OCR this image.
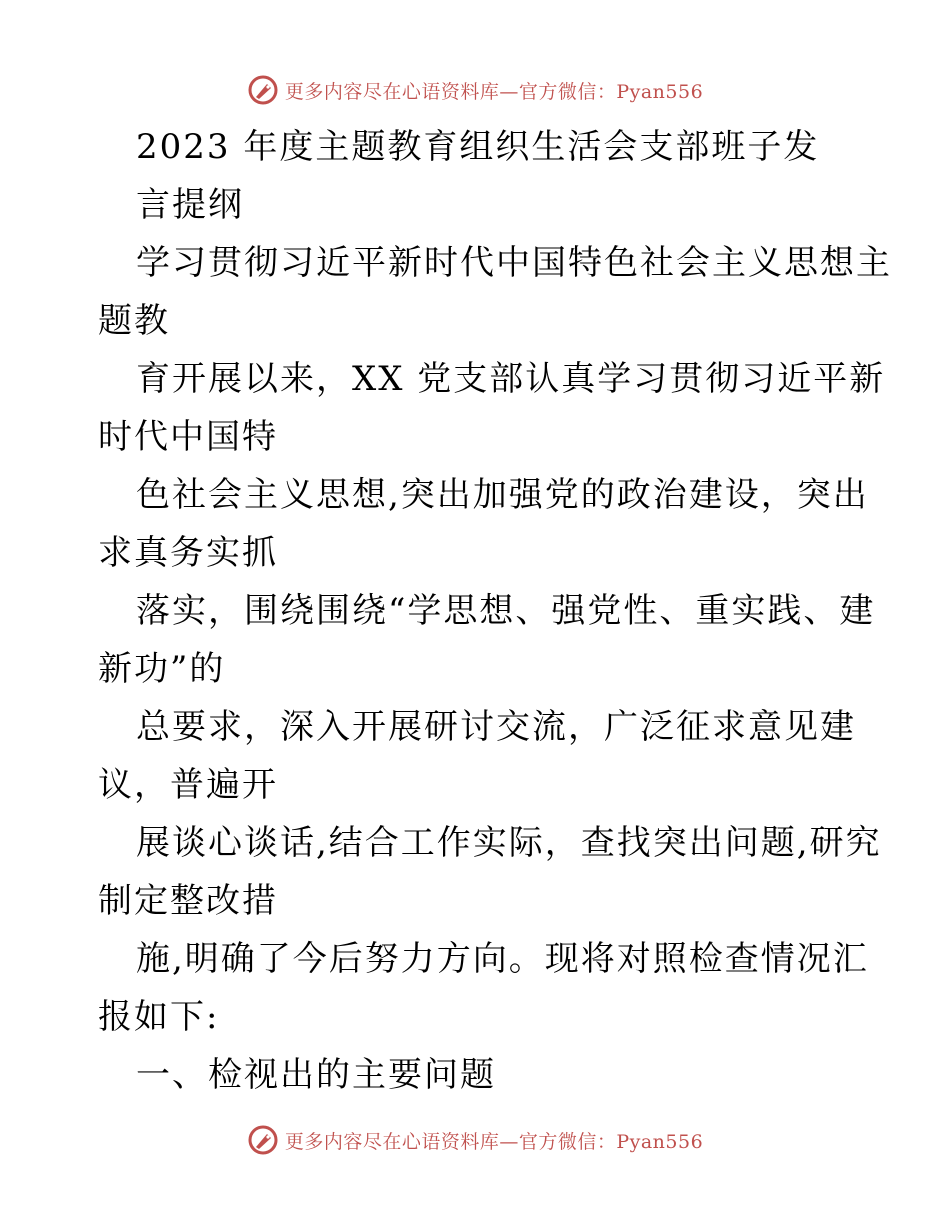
更多内容尽在心语资料库—官方微信：Pyan556
2023 年度主题教育组织生活会支部班子发
言提纲
学习贯彻习近平新时代中国特色社会主义思想主
题教
育开展以来，XX 党支部认真学习贯彻习近平新
时代中国特
色社会主义思想,突出加强党的政治建设，突出
求真务实抓
落实，围绕围绕“学思想、强党性、重实践、建
新功”的
总要求，深入开展研讨交流，广泛征求意见建
议，普遍开
展谈心谈话,结合工作实际，查找突出问题,研究
制定整改措
施,明确了今后努力方向。现将对照检查情况汇
报如下:
一、检视出的主要问题
更多内容尽在心语资料库—官方微信：Pyan556
